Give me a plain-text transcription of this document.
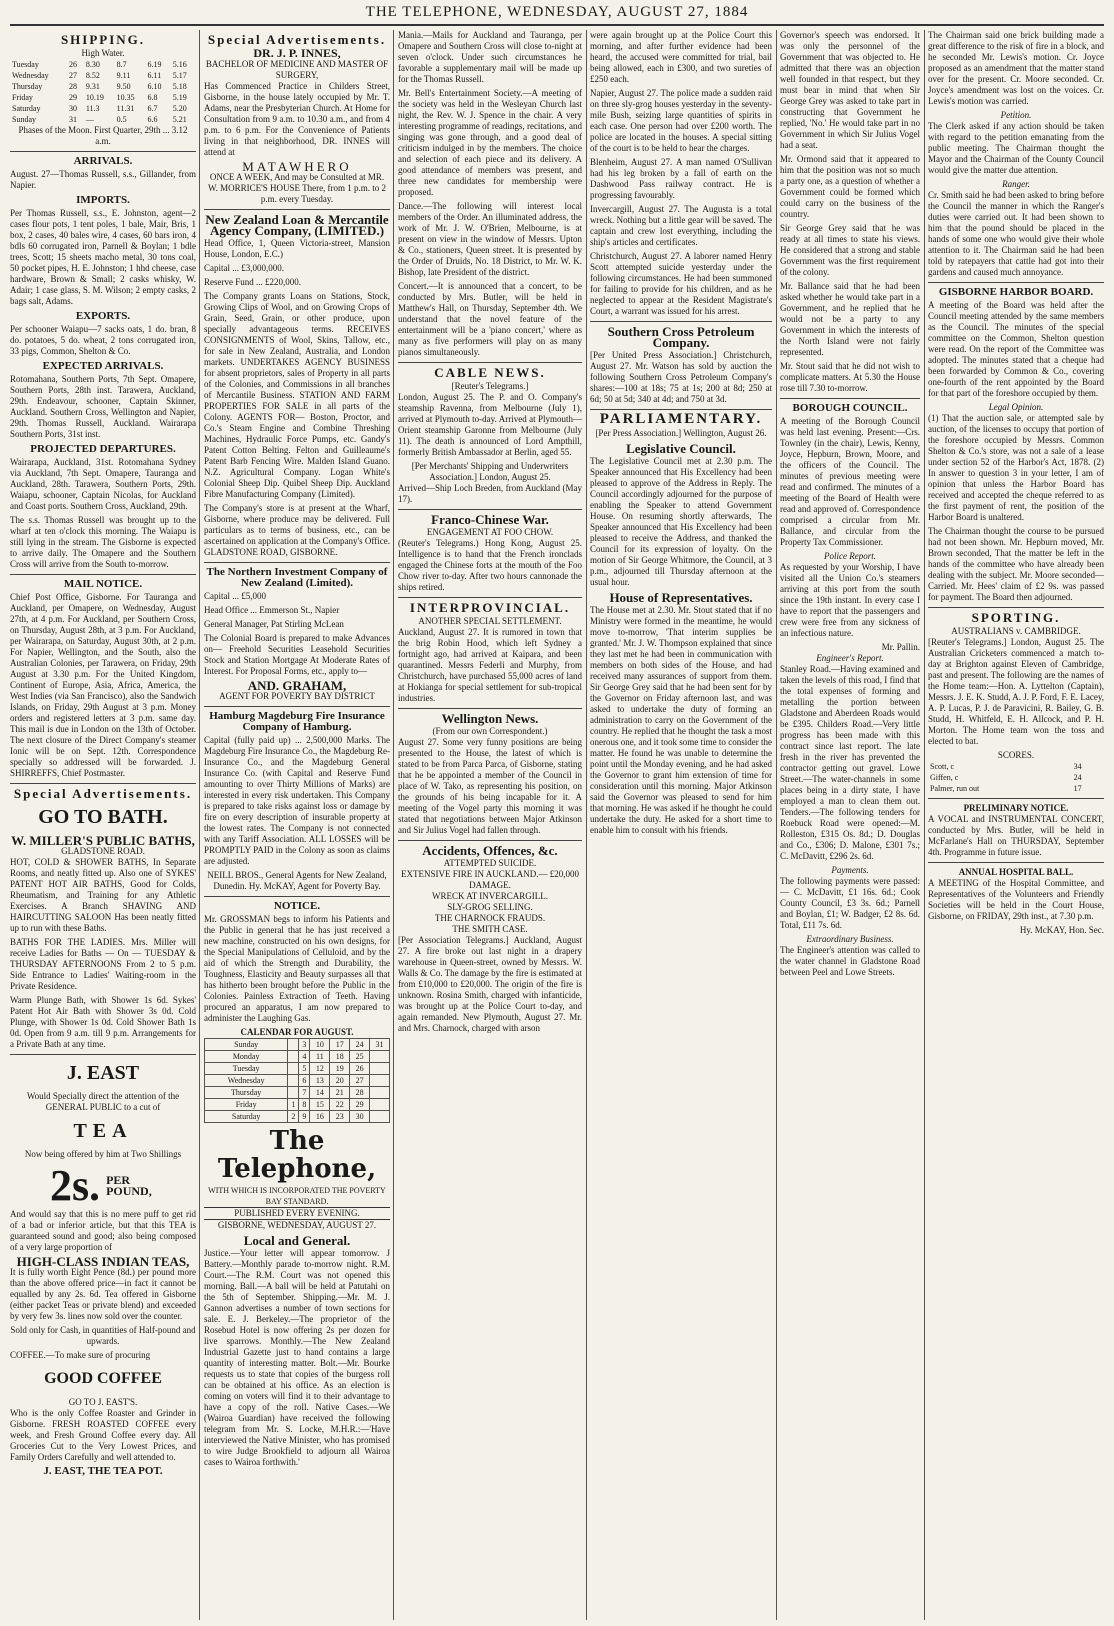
THE TELEPHONE, WEDNESDAY, AUGUST 27, 1884
SHIPPING.
High Water.
Tuesday	26	8.30	8.7	6.19	5.16
Wednesday	27	8.52	9.11	6.11	5.17
Thursday	28	9.31	9.50	6.10	5.18
Friday	29	10.19	10.35	6.8	5.19
Saturday	30	11.3	11.31	6.7	5.20
Sunday	31	—	0.5	6.6	5.21

Phases of the Moon. First Quarter, 29th ... 3.12 a.m.

ARRIVALS.

August. 27—Thomas Russell, s.s., Gillander, from Napier.

IMPORTS.

Per Thomas Russell, s.s., E. Johnston, agent—2 cases flour pots, 1 tent poles, 1 bale, Mair, Bris, 1 box, 2 cases, 40 bales wire, 4 cases, 60 bars iron, 4 bdls 60 corrugated iron, Parnell & Boylan; 1 bdle trees, Scott; 15 sheets macho metal, 30 tons coal, 50 pocket pipes, H. E. Johnston; 1 hhd cheese, case hardware, Brown & Small; 2 casks whisky, W. Adair; 1 case glass, S. M. Wilson; 2 empty casks, 2 bags salt, Adams.

EXPORTS.

Per schooner Waiapu—7 sacks oats, 1 do. bran, 8 do. potatoes, 5 do. wheat, 2 tons corrugated iron, 33 pigs, Common, Shelton & Co.

EXPECTED ARRIVALS.

Rotomahana, Southern Ports, 7th Sept. Omapere, Southern Ports, 28th inst. Tarawera, Auckland, 29th. Endeavour, schooner, Captain Skinner, Auckland. Southern Cross, Wellington and Napier, 29th. Thomas Russell, Auckland. Wairarapa Southern Ports, 31st inst.

PROJECTED DEPARTURES.

Wairarapa, Auckland, 31st. Rotomahana Sydney via Auckland, 7th Sept. Omapere, Tauranga and Auckland, 28th. Tarawera, Southern Ports, 29th. Waiapu, schooner, Captain Nicolas, for Auckland and Coast ports. Southern Cross, Auckland, 29th.

The s.s. Thomas Russell was brought up to the wharf at ten o'clock this morning. The Waiapu is still lying in the stream. The Gisborne is expected to arrive daily. The Omapere and the Southern Cross will arrive from the South to-morrow.

MAIL NOTICE.

Chief Post Office, Gisborne. For Tauranga and Auckland, per Omapere, on Wednesday, August 27th, at 4 p.m. For Auckland, per Southern Cross, on Thursday, August 28th, at 3 p.m. For Auckland, per Wairarapa, on Saturday, August 30th, at 2 p.m. For Napier, Wellington, and the South, also the Australian Colonies, per Tarawera, on Friday, 29th August at 3.30 p.m. For the United Kingdom, Continent of Europe, Asia, Africa, America, the West Indies (via San Francisco), also the Sandwich Islands, on Friday, 29th August at 3 p.m. Money orders and registered letters at 3 p.m. same day. This mail is due in London on the 13th of October. The next closure of the Direct Company's steamer Ionic will be on Sept. 12th. Correspondence specially so addressed will be forwarded. J. SHIRREFFS, Chief Postmaster.

Special Advertisements.
GO TO BATH.
W. MILLER'S PUBLIC BATHS,
GLADSTONE ROAD.

HOT, COLD & SHOWER BATHS, In Separate Rooms, and neatly fitted up. Also one of SYKES' PATENT HOT AIR BATHS, Good for Colds, Rheumatism, and Training for any Athletic Exercises. A Branch SHAVING AND HAIRCUTTING SALOON Has been neatly fitted up to run with these Baths.

BATHS FOR THE LADIES. Mrs. Miller will receive Ladies for Baths — On — TUESDAY & THURSDAY AFTERNOONS From 2 to 5 p.m. Side Entrance to Ladies' Waiting-room in the Private Residence.

Warm Plunge Bath, with Shower 1s 6d. Sykes' Patent Hot Air Bath with Shower 3s 0d. Cold Plunge, with Shower 1s 0d. Cold Shower Bath 1s 0d. Open from 9 a.m. till 9 p.m. Arrangements for a Private Bath at any time.

J. EAST

Would Specially direct the attention of the GENERAL PUBLIC to a cut of

TEA

Now being offered by him at Two Shillings

2s. PER POUND,

And would say that this is no mere puff to get rid of a bad or inferior article, but that this TEA is guaranteed sound and good; also being composed of a very large proportion of

HIGH-CLASS INDIAN TEAS,

It is fully worth Eight Pence (8d.) per pound more than the above offered price—in fact it cannot be equalled by any 2s. 6d. Tea offered in Gisborne (either packet Teas or private blend) and exceeded by very few 3s. lines now sold over the counter.

Sold only for Cash, in quantities of Half-pound and upwards.

COFFEE.—To make sure of procuring

GOOD COFFEE
GO TO J. EAST'S.

Who is the only Coffee Roaster and Grinder in Gisborne. FRESH ROASTED COFFEE every week, and Fresh Ground Coffee every day. All Groceries Cut to the Very Lowest Prices, and Family Orders Carefully and well attended to.

J. EAST, THE TEA POT.
Special Advertisements.
DR. J. P. INNES,
BACHELOR OF MEDICINE AND MASTER OF SURGERY,

Has Commenced Practice in Childers Street, Gisborne, in the house lately occupied by Mr. T. Adams, near the Presbyterian Church. At Home for Consultation from 9 a.m. to 10.30 a.m., and from 4 p.m. to 6 p.m. For the Convenience of Patients living in that neighborhood, DR. INNES will attend at

MATAWHERO

ONCE A WEEK, And may be Consulted at MR. W. MORRICE'S HOUSE There, from 1 p.m. to 2 p.m. every Tuesday.

New Zealand Loan & Mercantile Agency Company, (LIMITED.)

Head Office, 1, Queen Victoria-street, Mansion House, London, E.C.)

Capital ... £3,000,000.

Reserve Fund ... £220,000.

The Company grants Loans on Stations, Stock, Growing Clips of Wool, and on Growing Crops of Grain, Seed, Grain, or other produce, upon specially advantageous terms. RECEIVES CONSIGNMENTS of Wool, Skins, Tallow, etc., for sale in New Zealand, Australia, and London markets. UNDERTAKES AGENCY BUSINESS for absent proprietors, sales of Property in all parts of the Colonies, and Commissions in all branches of Mercantile Business. STATION AND FARM PROPERTIES FOR SALE in all parts of the Colony. AGENTS FOR— Boston, Proctor, and Co.'s Steam Engine and Combine Threshing Machines, Hydraulic Force Pumps, etc. Gandy's Patent Cotton Belting. Felton and Guilleaume's Patent Barb Fencing Wire. Malden Island Guano. N.Z. Agricultural Company. Logan White's Colonial Sheep Dip. Quibel Sheep Dip. Auckland Fibre Manufacturing Company (Limited).

The Company's store is at present at the Wharf, Gisborne, where produce may be delivered. Full particulars as to terms of business, etc., can be ascertained on application at the Company's Office. GLADSTONE ROAD, GISBORNE.

The Northern Investment Company of New Zealand (Limited).

Capital ... £5,000

Head Office ... Emmerson St., Napier

General Manager, Pat Stirling McLean

The Colonial Board is prepared to make Advances on— Freehold Securities Leasehold Securities Stock and Station Mortgage At Moderate Rates of Interest. For Proposal Forms, etc., apply to—

AND. GRAHAM,
AGENT FOR POVERTY BAY DISTRICT
Hamburg Magdeburg Fire Insurance Company of Hamburg.

Capital (fully paid up) ... 2,500,000 Marks. The Magdeburg Fire Insurance Co., the Magdeburg Re-Insurance Co., and the Magdeburg General Insurance Co. (with Capital and Reserve Fund amounting to over Thirty Millions of Marks) are interested in every risk undertaken. This Company is prepared to take risks against loss or damage by fire on every description of insurable property at the lowest rates. The Company is not connected with any Tariff Association. ALL LOSSES will be PROMPTLY PAID in the Colony as soon as claims are adjusted.

NEILL BROS., General Agents for New Zealand, Dunedin. Hy. McKAY, Agent for Poverty Bay.

NOTICE.

Mr. GROSSMAN begs to inform his Patients and the Public in general that he has just received a new machine, constructed on his own designs, for the Special Manipulations of Celluloid, and by the aid of which the Strength and Durability, the Toughness, Elasticity and Beauty surpasses all that has hitherto been brought before the Public in the Colonies. Painless Extraction of Teeth. Having procured an apparatus, I am now prepared to administer the Laughing Gas.

CALENDAR FOR AUGUST.
Sunday		3	10	17	24	31
Monday		4	11	18	25	
Tuesday		5	12	19	26	
Wednesday		6	13	20	27	
Thursday		7	14	21	28	
Friday	1	8	15	22	29	
Saturday	2	9	16	23	30	
The Telephone,
WITH WHICH IS INCORPORATED THE POVERTY BAY STANDARD.
PUBLISHED EVERY EVENING.
GISBORNE, WEDNESDAY, AUGUST 27.
Local and General.

Justice.—Your letter will appear tomorrow. J Battery.—Monthly parade to-morrow night. R.M. Court.—The R.M. Court was not opened this morning. Ball.—A ball will be held at Patutahi on the 5th of September. Shipping.—Mr. M. J. Gannon advertises a number of town sections for sale. E. J. Berkeley.—The proprietor of the Rosebud Hotel is now offering 2s per dozen for live sparrows. Monthly.—The New Zealand Industrial Gazette just to hand contains a large quantity of interesting matter. Bolt.—Mr. Bourke requests us to state that copies of the burgess roll can be obtained at his office. As an election is coming on voters will find it to their advantage to have a copy of the roll. Native Cases.—We (Wairoa Guardian) have received the following telegram from Mr. S. Locke, M.H.R.:—'Have interviewed the Native Minister, who has promised to wire Judge Brookfield to adjourn all Wairoa cases to Wairoa forthwith.'

Mania.—Mails for Auckland and Tauranga, per Omapere and Southern Cross will close to-night at seven o'clock. Under such circumstances he favorable a supplementary mail will be made up for the Thomas Russell.

Mr. Bell's Entertainment Society.—A meeting of the society was held in the Wesleyan Church last night, the Rev. W. J. Spence in the chair. A very interesting programme of readings, recitations, and singing was gone through, and a good deal of criticism indulged in by the members. The choice and selection of each piece and its delivery. A good attendance of members was present, and three new candidates for membership were proposed.

Dance.—The following will interest local members of the Order. An illuminated address, the work of Mr. J. W. O'Brien, Melbourne, is at present on view in the window of Messrs. Upton & Co., stationers, Queen street. It is presented by the Order of Druids, No. 18 District, to Mr. W. K. Bishop, late President of the district.

Concert.—It is announced that a concert, to be conducted by Mrs. Butler, will be held in Matthew's Hall, on Thursday, September 4th. We understand that the novel feature of the entertainment will be a 'piano concert,' where as many as five performers will play on as many pianos simultaneously.

CABLE NEWS.
[Reuter's Telegrams.]

London, August 25. The P. and O. Company's steamship Ravenna, from Melbourne (July 1), arrived at Plymouth to-day. Arrived at Plymouth—Orient steamship Garonne from Melbourne (July 11). The death is announced of Lord Ampthill, formerly British Ambassador at Berlin, aged 55.

[Per Merchants' Shipping and Underwriters Association.] London, August 25.

Arrived—Ship Loch Breden, from Auckland (May 17).

Franco-Chinese War.
ENGAGEMENT AT FOO CHOW.

(Reuter's Telegrams.) Hong Kong, August 25. Intelligence is to hand that the French ironclads engaged the Chinese forts at the mouth of the Foo Chow river to-day. After two hours cannonade the ships retired.

INTERPROVINCIAL.
ANOTHER SPECIAL SETTLEMENT.

Auckland, August 27. It is rumored in town that the brig Robin Hood, which left Sydney a fortnight ago, had arrived at Kaipara, and been quarantined. Messrs Federli and Murphy, from Christchurch, have purchased 55,000 acres of land at Hokianga for special settlement for sub-tropical industries.

Wellington News.
(From our own Correspondent.)

August 27. Some very funny positions are being presented to the House, the latest of which is stated to be from Parca Parca, of Gisborne, stating that he be appointed a member of the Council in place of W. Tako, as representing his position, on the grounds of his being incapable for it. A meeting of the Vogel party this morning it was stated that negotiations between Major Atkinson and Sir Julius Vogel had fallen through.

Accidents, Offences, &c.
ATTEMPTED SUICIDE.
EXTENSIVE FIRE IN AUCKLAND.— £20,000 DAMAGE.
WRECK AT INVERCARGILL.
SLY-GROG SELLING.
THE CHARNOCK FRAUDS.
THE SMITH CASE.

[Per Association Telegrams.] Auckland, August 27. A fire broke out last night in a drapery warehouse in Queen-street, owned by Messrs. W. Walls & Co. The damage by the fire is estimated at from £10,000 to £20,000. The origin of the fire is unknown. Rosina Smith, charged with infanticide, was brought up at the Police Court to-day, and again remanded. New Plymouth, August 27. Mr. and Mrs. Charnock, charged with arson

were again brought up at the Police Court this morning, and after further evidence had been heard, the accused were committed for trial, bail being allowed, each in £300, and two sureties of £250 each.

Napier, August 27. The police made a sudden raid on three sly-grog houses yesterday in the seventy-mile Bush, seizing large quantities of spirits in each case. One person had over £200 worth. The police are located in the houses. A special sitting of the court is to be held to hear the charges.

Blenheim, August 27. A man named O'Sullivan had his leg broken by a fall of earth on the Dashwood Pass railway contract. He is progressing favourably.

Invercargill, August 27. The Augusta is a total wreck. Nothing but a little gear will be saved. The captain and crew lost everything, including the ship's articles and certificates.

Christchurch, August 27. A laborer named Henry Scott attempted suicide yesterday under the following circumstances. He had been summoned for failing to provide for his children, and as he neglected to appear at the Resident Magistrate's Court, a warrant was issued for his arrest.

Southern Cross Petroleum Company.

[Per United Press Association.] Christchurch, August 27. Mr. Watson has sold by auction the following Southern Cross Petroleum Company's shares:—100 at 18s; 75 at 1s; 200 at 8d; 250 at 6d; 50 at 5d; 340 at 4d; and 750 at 3d.

PARLIAMENTARY.
[Per Press Association.] Wellington, August 26.
Legislative Council.

The Legislative Council met at 2.30 p.m. The Speaker announced that His Excellency had been pleased to approve of the Address in Reply. The Council accordingly adjourned for the purpose of enabling the Speaker to attend Government House. On resuming shortly afterwards, The Speaker announced that His Excellency had been pleased to receive the Address, and thanked the Council for its expression of loyalty. On the motion of Sir George Whitmore, the Council, at 3 p.m., adjourned till Thursday afternoon at the usual hour.

House of Representatives.

The House met at 2.30. Mr. Stout stated that if no Ministry were formed in the meantime, he would move to-morrow, 'That interim supplies be granted.' Mr. J. W. Thompson explained that since they last met he had been in communication with members on both sides of the House, and had received many assurances of support from them. Sir George Grey said that he had been sent for by the Governor on Friday afternoon last, and was asked to undertake the duty of forming an administration to carry on the Government of the country. He replied that he thought the task a most onerous one, and it took some time to consider the matter. He found he was unable to determine the point until the Monday evening, and he had asked the Governor to grant him extension of time for consideration until this morning. Major Atkinson said the Governor was pleased to send for him that morning. He was asked if he thought he could undertake the duty. He asked for a short time to enable him to consult with his friends.

Governor's speech was endorsed. It was only the personnel of the Government that was objected to. He admitted that there was an objection well founded in that respect, but they must bear in mind that when Sir George Grey was asked to take part in constructing that Government he replied, 'No.' He would take part in no Government in which Sir Julius Vogel had a seat.

Mr. Ormond said that it appeared to him that the position was not so much a party one, as a question of whether a Government could be formed which could carry on the business of the country.

Sir George Grey said that he was ready at all times to state his views. He considered that a strong and stable Government was the first requirement of the colony.

Mr. Ballance said that he had been asked whether he would take part in a Government, and he replied that he would not be a party to any Government in which the interests of the North Island were not fairly represented.

Mr. Stout said that he did not wish to complicate matters. At 5.30 the House rose till 7.30 to-morrow.

BOROUGH COUNCIL.

A meeting of the Borough Council was held last evening. Present:—Crs. Townley (in the chair), Lewis, Kenny, Joyce, Hepburn, Brown, Moore, and the officers of the Council. The minutes of previous meeting were read and confirmed. The minutes of a meeting of the Board of Health were read and approved of. Correspondence comprised a circular from Mr. Ballance, and circular from the Property Tax Commissioner.

Police Report.

As requested by your Worship, I have visited all the Union Co.'s steamers arriving at this port from the south since the 19th instant. In every case I have to report that the passengers and crew were free from any sickness of an infectious nature.

Mr. Pallin.
Engineer's Report.

Stanley Road.—Having examined and taken the levels of this road, I find that the total expenses of forming and metalling the portion between Gladstone and Aberdeen Roads would be £395. Childers Road.—Very little progress has been made with this contract since last report. The late fresh in the river has prevented the contractor getting out gravel. Lowe Street.—The water-channels in some places being in a dirty state, I have employed a man to clean them out. Tenders.—The following tenders for Roebuck Road were opened:—M. Rolleston, £315 Os. 8d.; D. Douglas and Co., £306; D. Malone, £301 7s.; C. McDavitt, £296 2s. 6d.

Payments.

The following payments were passed:— C. McDavitt, £1 16s. 6d.; Cook County Council, £3 3s. 6d.; Parnell and Boylan, £1; W. Badger, £2 8s. 6d. Total, £11 7s. 6d.

Extraordinary Business.

The Engineer's attention was called to the water channel in Gladstone Road between Peel and Lowe Streets.

The Chairman said one brick building made a great difference to the risk of fire in a block, and he seconded Mr. Lewis's motion. Cr. Joyce proposed as an amendment that the matter stand over for the present. Cr. Moore seconded. Cr. Joyce's amendment was lost on the voices. Cr. Lewis's motion was carried.

Petition.

The Clerk asked if any action should be taken with regard to the petition emanating from the public meeting. The Chairman thought the Mayor and the Chairman of the County Council would give the matter due attention.

Ranger.

Cr. Smith said he had been asked to bring before the Council the manner in which the Ranger's duties were carried out. It had been shown to him that the pound should be placed in the hands of some one who would give their whole attention to it. The Chairman said he had been told by ratepayers that cattle had got into their gardens and caused much annoyance.

GISBORNE HARBOR BOARD.

A meeting of the Board was held after the Council meeting attended by the same members as the Council. The minutes of the special committee on the Common, Shelton question were read. On the report of the Committee was adopted. The minutes stated that a cheque had been forwarded by Common & Co., covering one-fourth of the rent appointed by the Board for that part of the foreshore occupied by them.

Legal Opinion.

(1) That the auction sale, or attempted sale by auction, of the licenses to occupy that portion of the foreshore occupied by Messrs. Common Shelton & Co.'s store, was not a sale of a lease under section 52 of the Harbor's Act, 1878. (2) In answer to question 3 in your letter, I am of opinion that unless the Harbor Board has received and accepted the cheque referred to as the first payment of rent, the position of the Harbor Board is unaltered.

The Chairman thought the course to be pursued had not been shown. Mr. Hepburn moved, Mr. Brown seconded, That the matter be left in the hands of the committee who have already been dealing with the subject. Mr. Moore seconded—Carried. Mr. Hees' claim of £2 9s. was passed for payment. The Board then adjourned.

SPORTING.
AUSTRALIANS v. CAMBRIDGE.

[Reuter's Telegrams.] London, August 25. The Australian Cricketers commenced a match to-day at Brighton against Eleven of Cambridge, past and present. The following are the names of the Home team:—Hon. A. Lyttelton (Captain), Messrs. J. E. K. Studd, A. J. P. Ford, F. E. Lacey, A. P. Lucas, P. J. de Paravicini, R. Bailey, G. B. Studd, H. Whitfeld, E. H. Allcock, and P. H. Morton. The Home team won the toss and elected to bat.

SCORES.
Scott, c	34
Giffen, c	24
Palmer, run out	17
PRELIMINARY NOTICE.

A VOCAL and INSTRUMENTAL CONCERT, conducted by Mrs. Butler, will be held in McFarlane's Hall on THURSDAY, September 4th. Programme in future issue.

ANNUAL HOSPITAL BALL.

A MEETING of the Hospital Committee, and Representatives of the Volunteers and Friendly Societies will be held in the Court House, Gisborne, on FRIDAY, 29th inst., at 7.30 p.m.

Hy. McKAY, Hon. Sec.
